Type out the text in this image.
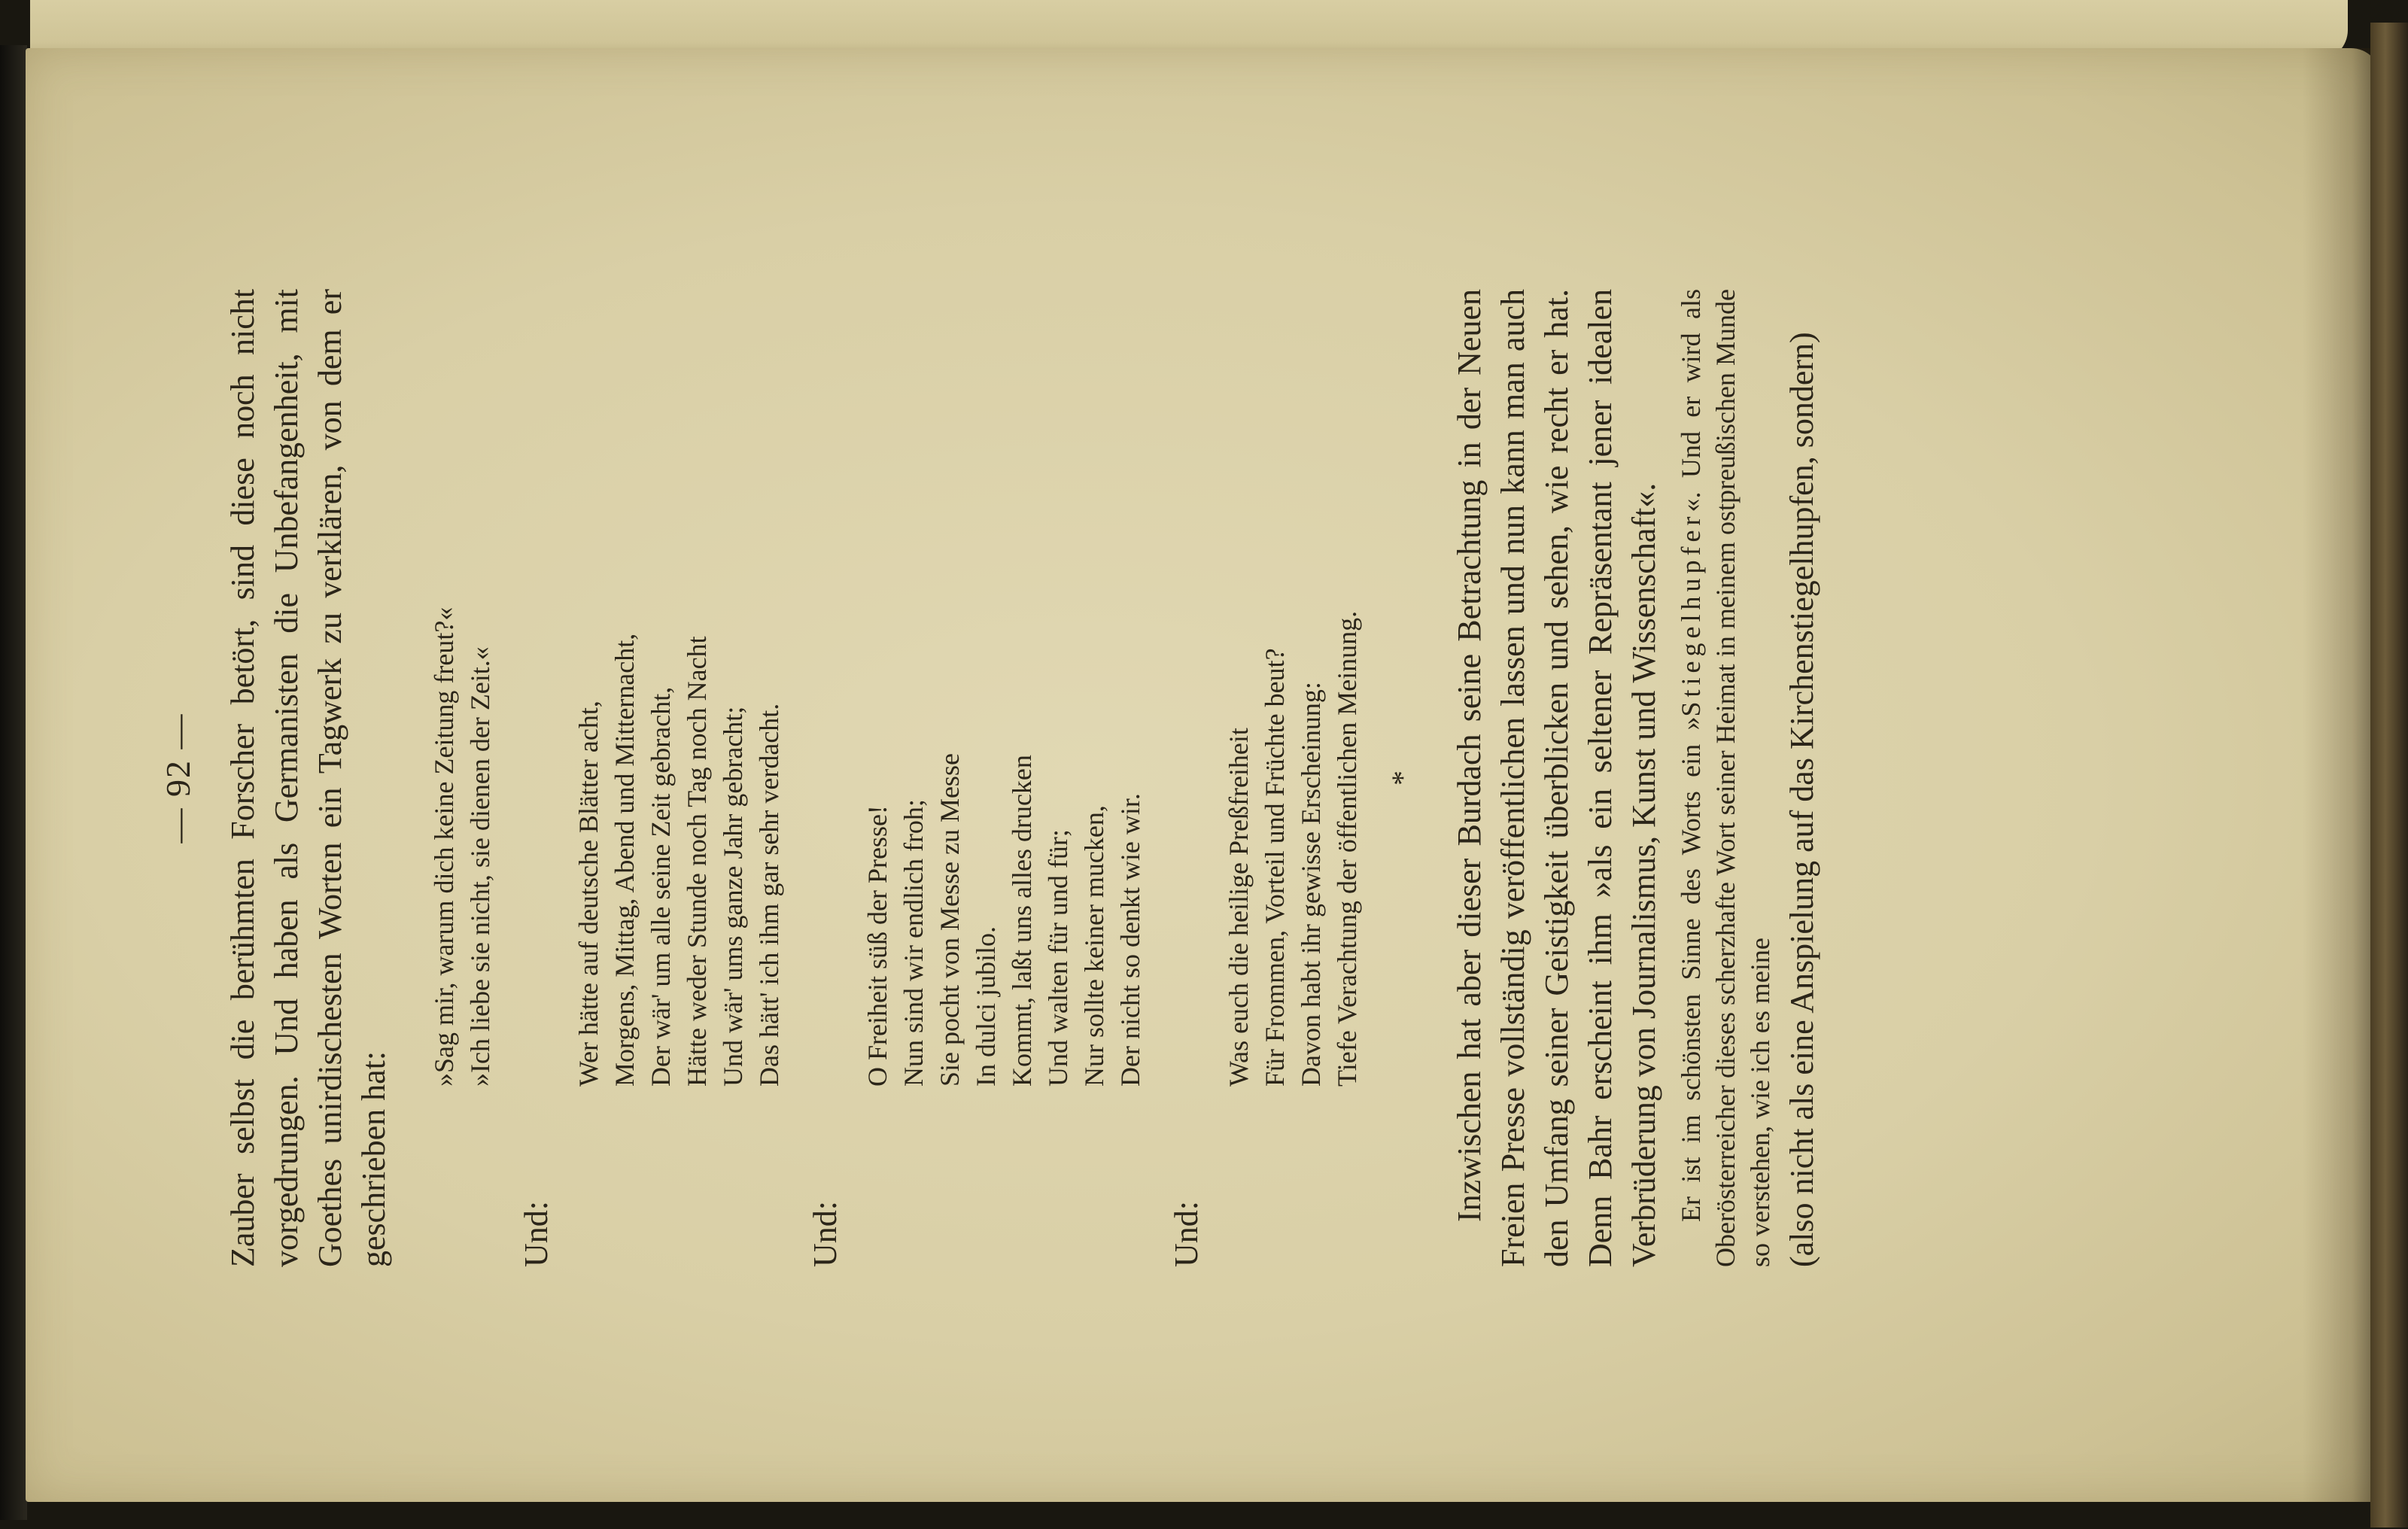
— 92 — Zauber selbst die berühmten Forscher betört, sind diese noch nicht vorgedrungen. Und haben als Germanisten die Unbefangenheit, mit Goethes unirdischesten Worten ein Tagwerk zu verklären, von dem er geschrieben hat:

»Sag mir, warum dich keine Zeitung freut?« »Ich liebe sie nicht, sie dienen der Zeit.«
Und:
Wer hätte auf deutsche Blätter acht, Morgens, Mittag, Abend und Mitternacht, Der wär' um alle seine Zeit gebracht, Hätte weder Stunde noch Tag noch Nacht Und wär' ums ganze Jahr gebracht; Das hätt' ich ihm gar sehr verdacht.
Und:
O Freiheit süß der Presse! Nun sind wir endlich froh; Sie pocht von Messe zu Messe In dulci jubilo. Kommt, laßt uns alles drucken Und walten für und für; Nur sollte keiner mucken, Der nicht so denkt wie wir.
Und:
Was euch die heilige Preßfreiheit Für Frommen, Vorteil und Früchte beut? Davon habt ihr gewisse Erscheinung: Tiefe Verachtung der öffentlichen Meinung. * Inzwischen hat aber dieser Burdach seine Betrachtung in der Neuen Freien Presse vollständig veröffentlichen lassen und nun kann man auch den Umfang seiner Geistigkeit überblicken und sehen, wie recht er hat. Denn Bahr erscheint ihm »als ein seltener Repräsentant jener idealen Verbrüderung von Journalismus, Kunst und Wissenschaft«. Er ist im schönsten Sinne des Worts ein »Stiegelhupfer«. Und er wird als Oberösterreicher dieses scherzhafte Wort seiner Heimat in meinem ostpreußischen Munde so verstehen, wie ich es meine (also nicht als eine Anspielung auf das Kirchenstiegelhupfen, sondern)
